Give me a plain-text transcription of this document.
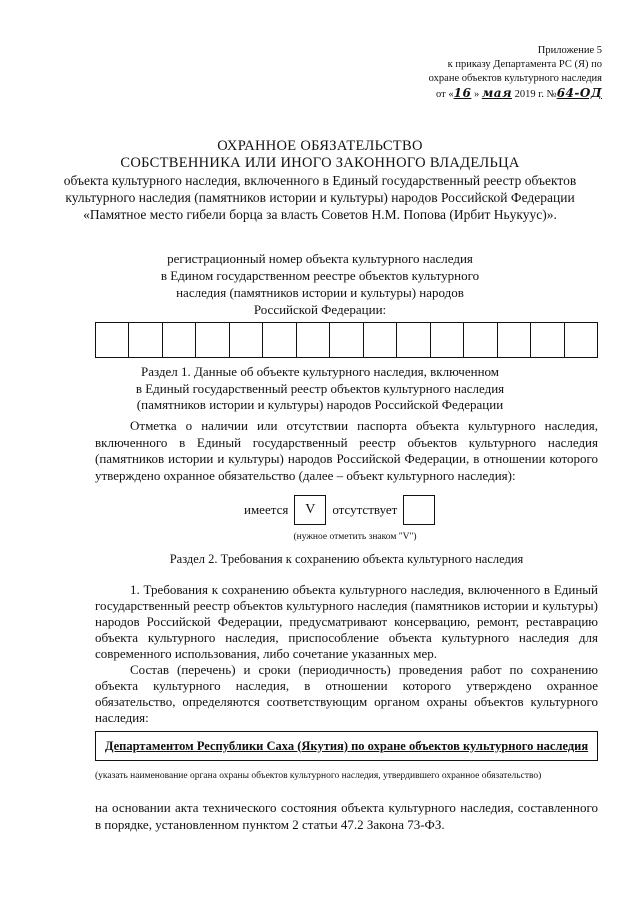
Приложение 5
к приказу Департамента РС (Я) по
охране объектов культурного наследия
от «16 » мая 2019 г. №64-ОД
ОХРАННОЕ ОБЯЗАТЕЛЬСТВО
СОБСТВЕННИКА ИЛИ ИНОГО ЗАКОННОГО ВЛАДЕЛЬЦА
объекта культурного наследия, включенного в Единый государственный реестр объектов
культурного наследия (памятников истории и культуры) народов Российской Федерации
«Памятное место гибели борца за власть Советов Н.М. Попова (Ирбит Ньукуус)».
регистрационный номер объекта культурного наследия
в Едином государственном реестре объектов культурного
наследия (памятников истории и культуры) народов
Российской Федерации:
Раздел 1. Данные об объекте культурного наследия, включенном
в Единый государственный реестр объектов культурного наследия
(памятников истории и культуры) народов Российской Федерации
Отметка о наличии или отсутствии паспорта объекта культурного наследия, включенного в Единый государственный реестр объектов культурного наследия (памятников истории и культуры) народов Российской Федерации, в отношении которого утверждено охранное обязательство (далее – объект культурного наследия):
имеется	V	отсутствует
(нужное отметить знаком "V")
Раздел 2. Требования к сохранению объекта культурного наследия

1. Требования к сохранению объекта культурного наследия, включенного в Единый государственный реестр объектов культурного наследия (памятников истории и культуры) народов Российской Федерации, предусматривают консервацию, ремонт, реставрацию объекта культурного наследия, приспособление объекта культурного наследия для современного использования, либо сочетание указанных мер.

Состав (перечень) и сроки (периодичность) проведения работ по сохранению объекта культурного наследия, в отношении которого утверждено охранное обязательство, определяются соответствующим органом охраны объектов культурного наследия:

Департаментом Республики Саха (Якутия) по охране объектов культурного наследия
(указать наименование органа охраны объектов культурного наследия, утвердившего охранное обязательство)
на основании акта технического состояния объекта культурного наследия, составленного в порядке, установленном пунктом 2 статьи 47.2 Закона 73-ФЗ.
